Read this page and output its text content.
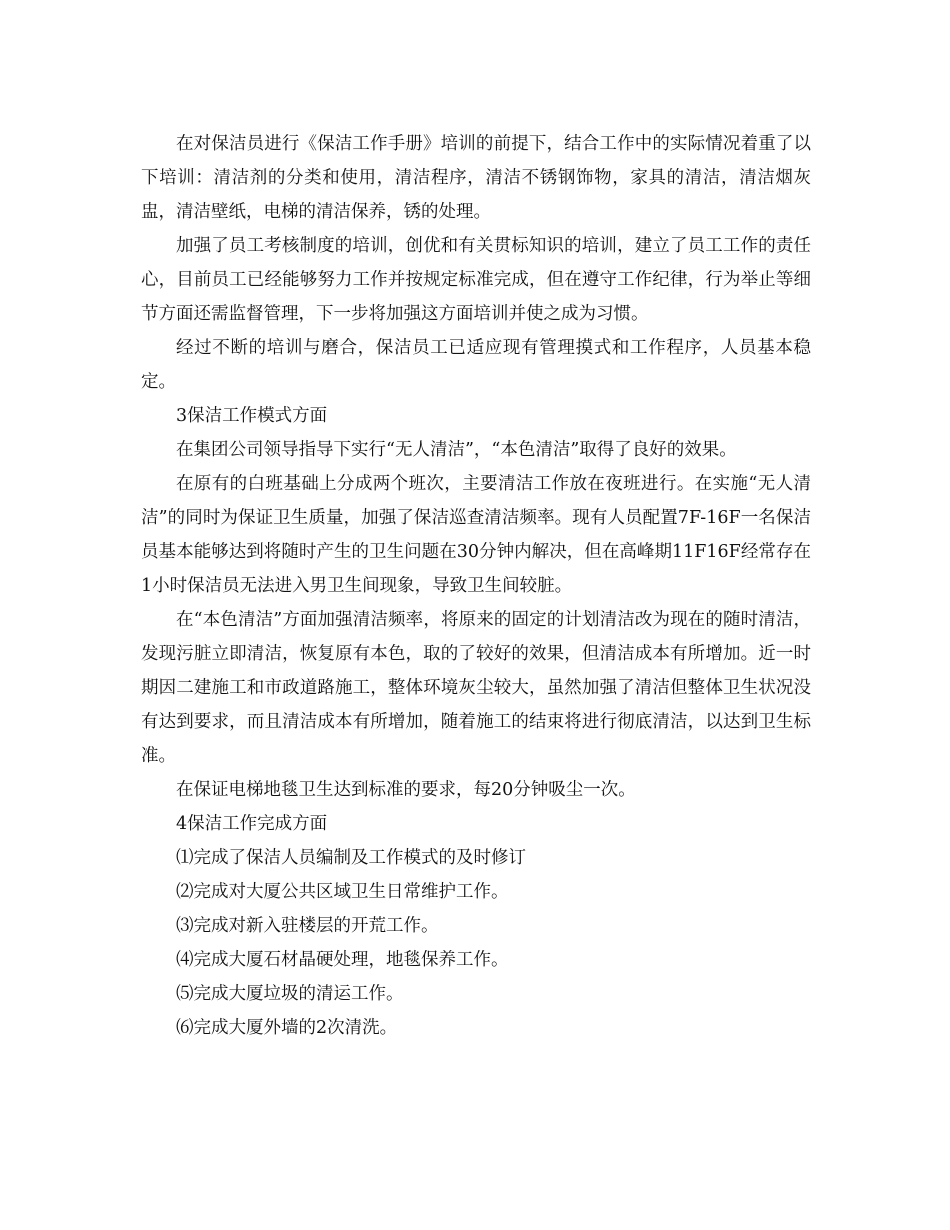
在对保洁员进行《保洁工作手册》培训的前提下，结合工作中的实际情况着重了以下培训：清洁剂的分类和使用，清洁程序，清洁不锈钢饰物，家具的清洁，清洁烟灰盅，清洁壁纸，电梯的清洁保养，锈的处理。

加强了员工考核制度的培训，创优和有关贯标知识的培训，建立了员工工作的责任心，目前员工已经能够努力工作并按规定标准完成，但在遵守工作纪律，行为举止等细节方面还需监督管理，下一步将加强这方面培训并使之成为习惯。

经过不断的培训与磨合，保洁员工已适应现有管理摸式和工作程序，人员基本稳定。

3保洁工作模式方面

在集团公司领导指导下实行“无人清洁”，“本色清洁”取得了良好的效果。

在原有的白班基础上分成两个班次，主要清洁工作放在夜班进行。在实施“无人清洁”的同时为保证卫生质量，加强了保洁巡查清洁频率。现有人员配置7F-16F一名保洁员基本能够达到将随时产生的卫生问题在30分钟内解决，但在高峰期11F16F经常存在1小时保洁员无法进入男卫生间现象，导致卫生间较脏。

在“本色清洁”方面加强清洁频率，将原来的固定的计划清洁改为现在的随时清洁，发现污脏立即清洁，恢复原有本色，取的了较好的效果，但清洁成本有所增加。近一时期因二建施工和市政道路施工，整体环境灰尘较大，虽然加强了清洁但整体卫生状况没有达到要求，而且清洁成本有所增加，随着施工的结束将进行彻底清洁，以达到卫生标准。

在保证电梯地毯卫生达到标准的要求，每20分钟吸尘一次。

4保洁工作完成方面

⑴完成了保洁人员编制及工作模式的及时修订

⑵完成对大厦公共区域卫生日常维护工作。

⑶完成对新入驻楼层的开荒工作。

⑷完成大厦石材晶硬处理，地毯保养工作。

⑸完成大厦垃圾的清运工作。

⑹完成大厦外墙的2次清洗。
